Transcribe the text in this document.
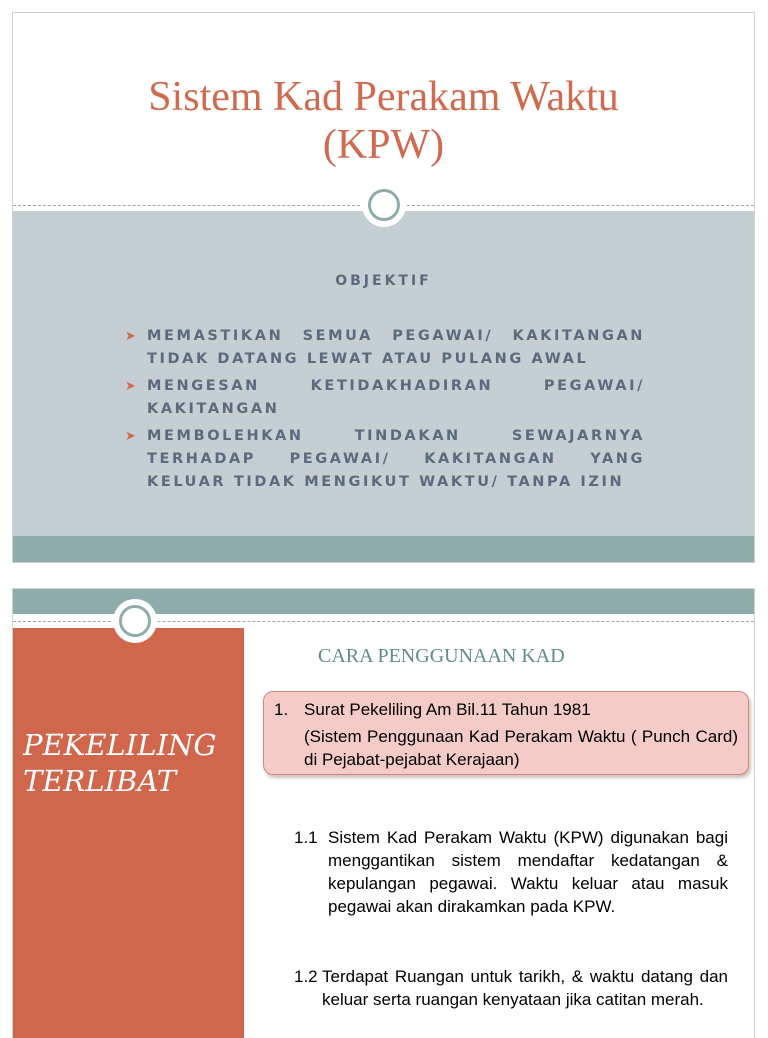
Sistem Kad Perakam Waktu
(KPW)
OBJEKTIF
➤ MEMASTIKAN SEMUA PEGAWAI/ KAKITANGAN TIDAK DATANG LEWAT ATAU PULANG AWAL
➤ MENGESAN KETIDAKHADIRAN PEGAWAI/ KAKITANGAN
➤ MEMBOLEHKAN TINDAKAN SEWAJARNYA TERHADAP PEGAWAI/ KAKITANGAN YANG KELUAR TIDAK MENGIKUT WAKTU/ TANPA IZIN
PEKELILING
TERLIBAT
CARA PENGGUNAAN KAD
1. Surat Pekeliling Am Bil.11 Tahun 1981
(Sistem Penggunaan Kad Perakam Waktu ( Punch Card) di Pejabat-pejabat Kerajaan)
1.1 Sistem Kad Perakam Waktu (KPW) digunakan bagi menggantikan sistem mendaftar kedatangan & kepulangan pegawai. Waktu keluar atau masuk pegawai akan dirakamkan pada KPW.
1.2 Terdapat Ruangan untuk tarikh, & waktu datang dan keluar serta ruangan kenyataan jika catitan merah.
